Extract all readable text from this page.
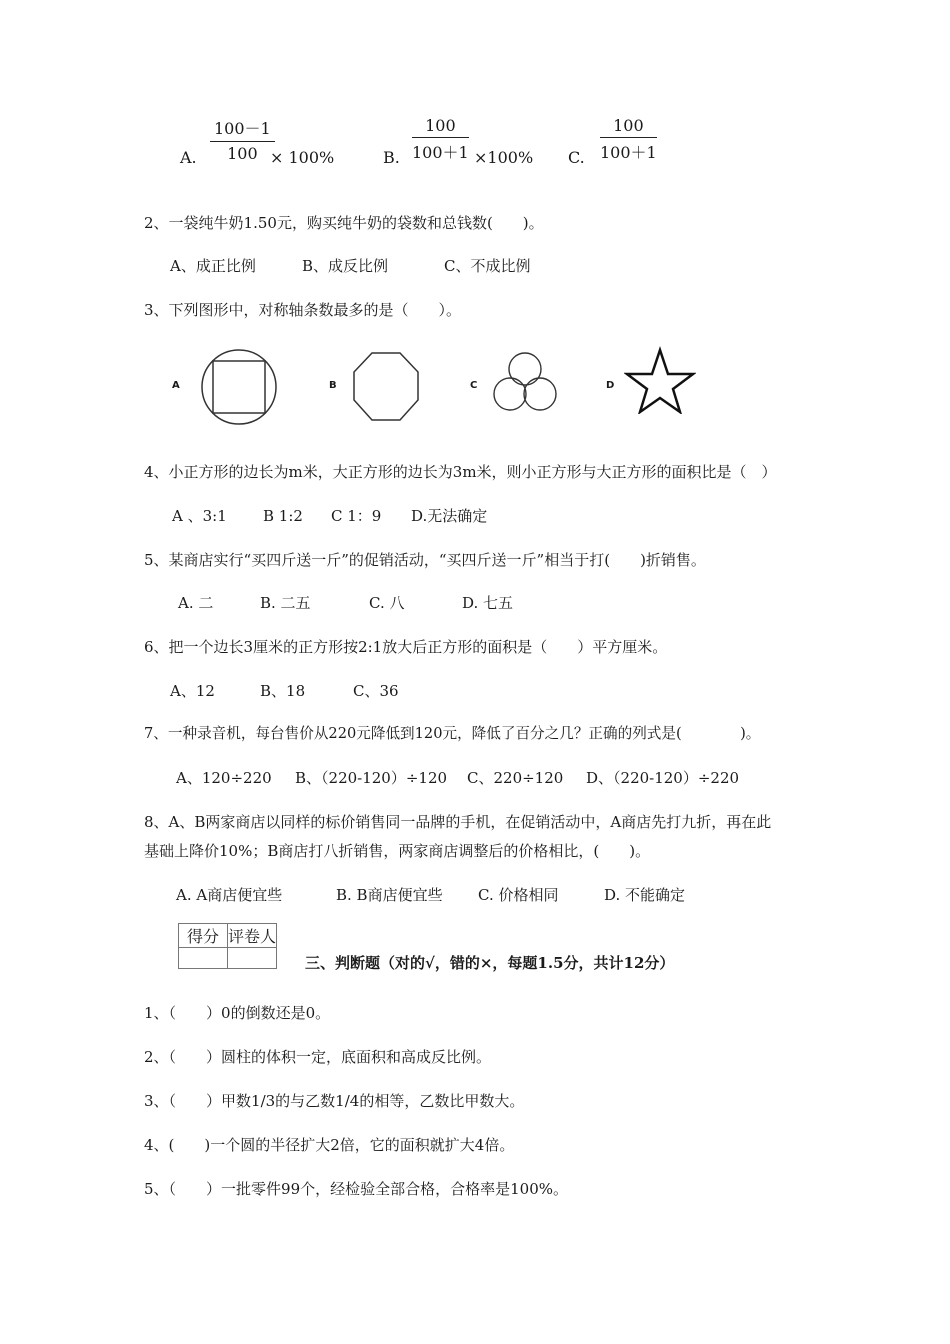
A. $\frac{100-1}{100}$
× 100%	B. $\frac{100}{100+1} \times 100\%$ C. $\frac{100}{100+1}$
2、一袋纯牛奶1.50元，购买纯牛奶的袋数和总钱数(　　)。
A、成正比例	B、成反比例	C、不成比例
3、下列图形中，对称轴条数最多的是（　　）。
A	B	C	D
4、小正方形的边长为m米，大正方形的边长为3m米，则小正方形与大正方形的面积比是（　）
A 、3:1 B 1:2 C 1：9 D.无法确定
5、某商店实行“买四斤送一斤”的促销活动，“买四斤送一斤”相当于打(　　)折销售。
A. 二	B. 二五	C. 八	D. 七五
6、把一个边长3厘米的正方形按2:1放大后正方形的面积是（　　）平方厘米。
A、12	B、18	C、36
7、一种录音机，每台售价从220元降低到120元，降低了百分之几？正确的列式是(　　　　)。
A、120÷220 B、（220-120）÷120 C、220÷120 D、（220-120）÷220
8、A、B两家商店以同样的标价销售同一品牌的手机，在促销活动中，A商店先打九折，再在此
基础上降价10%；B商店打八折销售，两家商店调整后的价格相比，(　　)。
A. A商店便宜些	B. B商店便宜些 C. 价格相同	D. 不能确定
得分	评卷人

三、判断题（对的√，错的×，每题1.5分，共计12分）
1、（　　）0的倒数还是0。
2、（　　）圆柱的体积一定，底面积和高成反比例。
3、（　　）甲数1/3的与乙数1/4的相等，乙数比甲数大。
4、(　　)一个圆的半径扩大2倍，它的面积就扩大4倍。
5、（　　）一批零件99个，经检验全部合格，合格率是100%。
